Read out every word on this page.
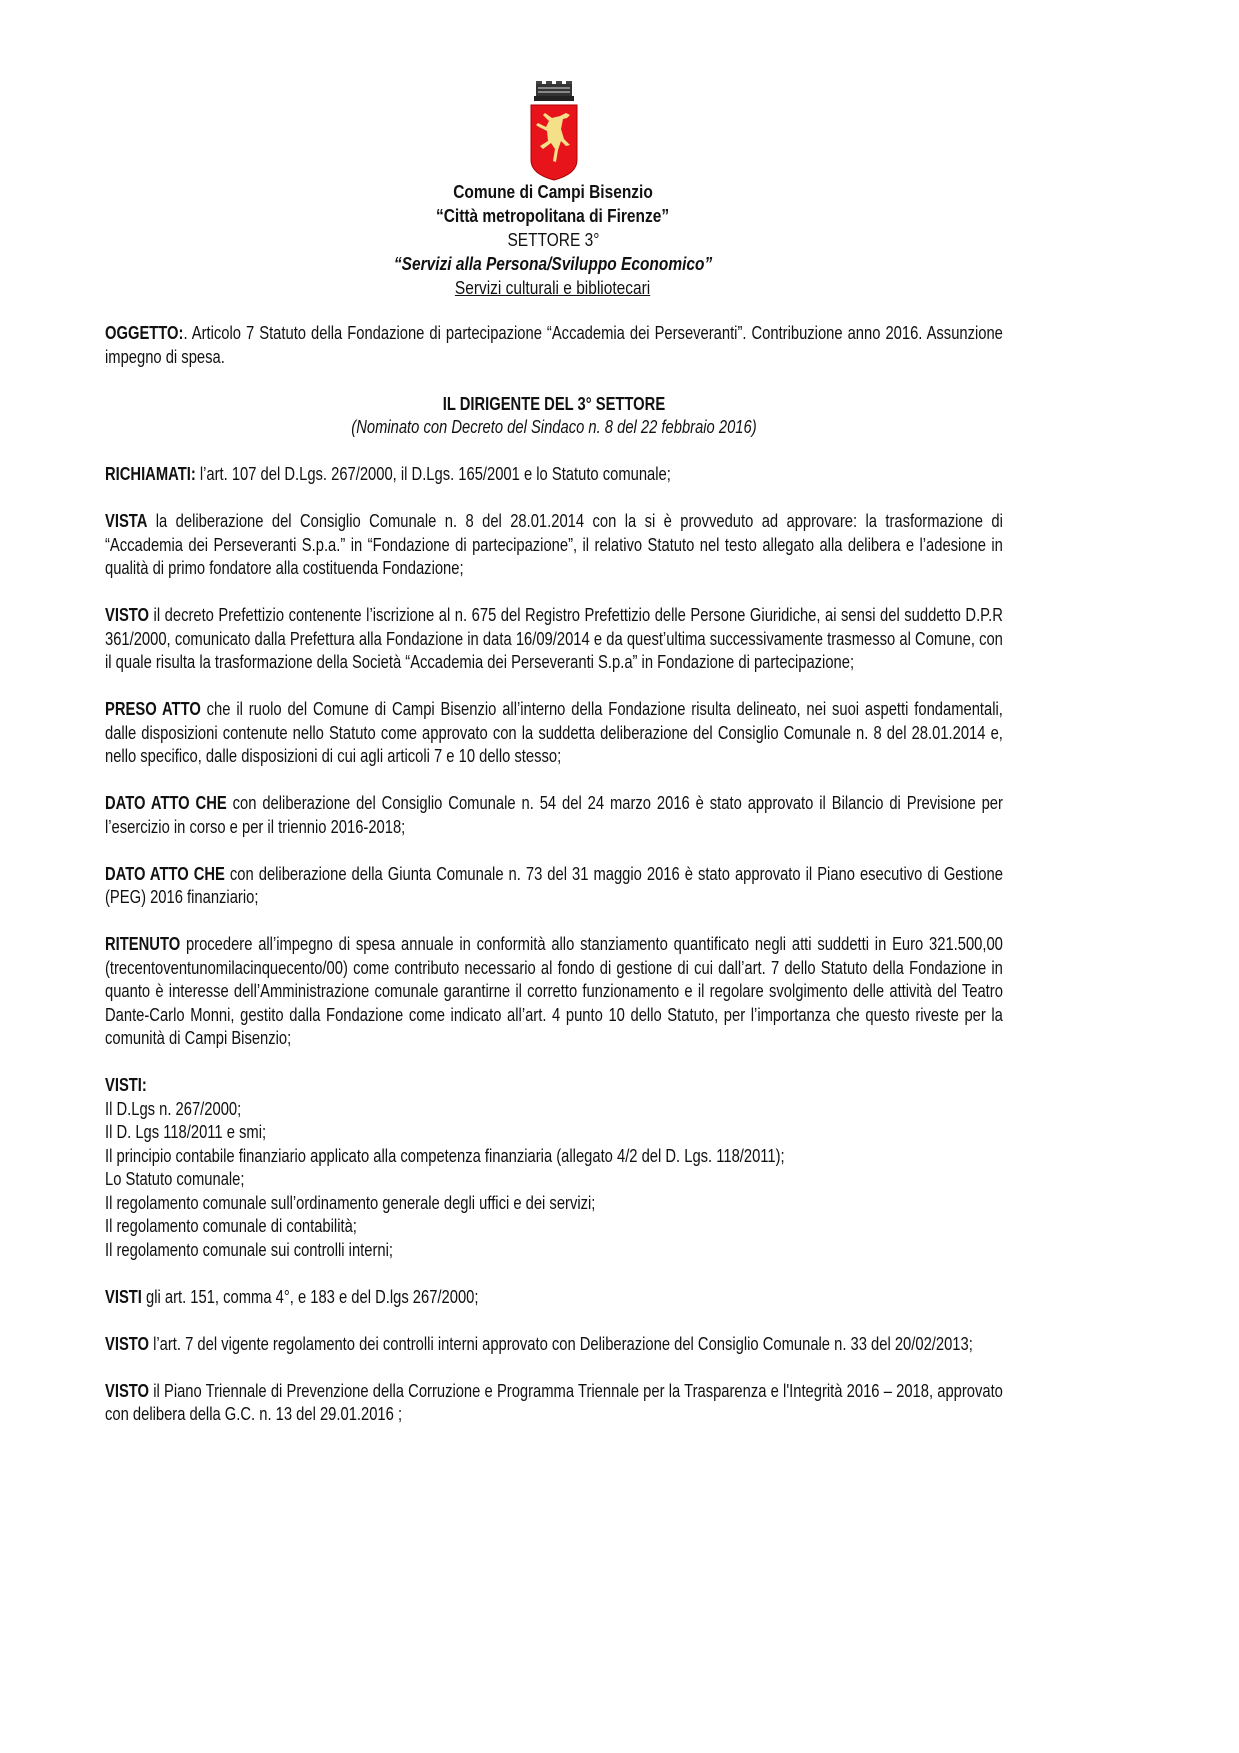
Comune di Campi Bisenzio
“Città metropolitana di Firenze”
SETTORE 3°
“Servizi alla Persona/Sviluppo Economico”
Servizi culturali e bibliotecari

OGGETTO:. Articolo 7 Statuto della Fondazione di partecipazione “Accademia dei Perseveranti”. Contribuzione anno 2016. Assunzione impegno di spesa.

IL DIRIGENTE DEL 3° SETTORE

(Nominato con Decreto del Sindaco n. 8 del 22 febbraio 2016)

RICHIAMATI: l’art. 107 del D.Lgs. 267/2000, il D.Lgs. 165/2001 e lo Statuto comunale;

VISTA la deliberazione del Consiglio Comunale n. 8 del 28.01.2014 con la si è provveduto ad approvare: la trasformazione di “Accademia dei Perseveranti S.p.a.” in “Fondazione di partecipazione”, il relativo Statuto nel testo allegato alla delibera e l’adesione in qualità di primo fondatore alla costituenda Fondazione;

VISTO il decreto Prefettizio contenente l’iscrizione al n. 675 del Registro Prefettizio delle Persone Giuridiche, ai sensi del suddetto D.P.R 361/2000, comunicato dalla Prefettura alla Fondazione in data 16/09/2014 e da quest’ultima successivamente trasmesso al Comune, con il quale risulta la trasformazione della Società “Accademia dei Perseveranti S.p.a” in Fondazione di partecipazione;

PRESO ATTO che il ruolo del Comune di Campi Bisenzio all’interno della Fondazione risulta delineato, nei suoi aspetti fondamentali, dalle disposizioni contenute nello Statuto come approvato con la suddetta deliberazione del Consiglio Comunale n. 8 del 28.01.2014 e, nello specifico, dalle disposizioni di cui agli articoli 7 e 10 dello stesso;

DATO ATTO CHE con deliberazione del Consiglio Comunale n. 54 del 24 marzo 2016 è stato approvato il Bilancio di Previsione per l’esercizio in corso e per il triennio 2016-2018;

DATO ATTO CHE con deliberazione della Giunta Comunale n. 73 del 31 maggio 2016 è stato approvato il Piano esecutivo di Gestione (PEG) 2016 finanziario;

RITENUTO procedere all’impegno di spesa annuale in conformità allo stanziamento quantificato negli atti suddetti in Euro 321.500,00 (trecentoventunomilacinquecento/00) come contributo necessario al fondo di gestione di cui dall’art. 7 dello Statuto della Fondazione in quanto è interesse dell’Amministrazione comunale garantirne il corretto funzionamento e il regolare svolgimento delle attività del Teatro Dante-Carlo Monni, gestito dalla Fondazione come indicato all’art. 4 punto 10 dello Statuto, per l’importanza che questo riveste per la comunità di Campi Bisenzio;

VISTI:
Il D.Lgs n. 267/2000;
Il D. Lgs 118/2011 e smi;
Il principio contabile finanziario applicato alla competenza finanziaria (allegato 4/2 del D. Lgs. 118/2011);
Lo Statuto comunale;
Il regolamento comunale sull’ordinamento generale degli uffici e dei servizi;
Il regolamento comunale di contabilità;
Il regolamento comunale sui controlli interni;

VISTI gli art. 151, comma 4°, e 183 e del D.lgs 267/2000;

VISTO l’art. 7 del vigente regolamento dei controlli interni approvato con Deliberazione del Consiglio Comunale n. 33 del 20/02/2013;

VISTO il Piano Triennale di Prevenzione della Corruzione e Programma Triennale per la Trasparenza e l'Integrità 2016 – 2018, approvato con delibera della G.C. n. 13 del 29.01.2016 ;
